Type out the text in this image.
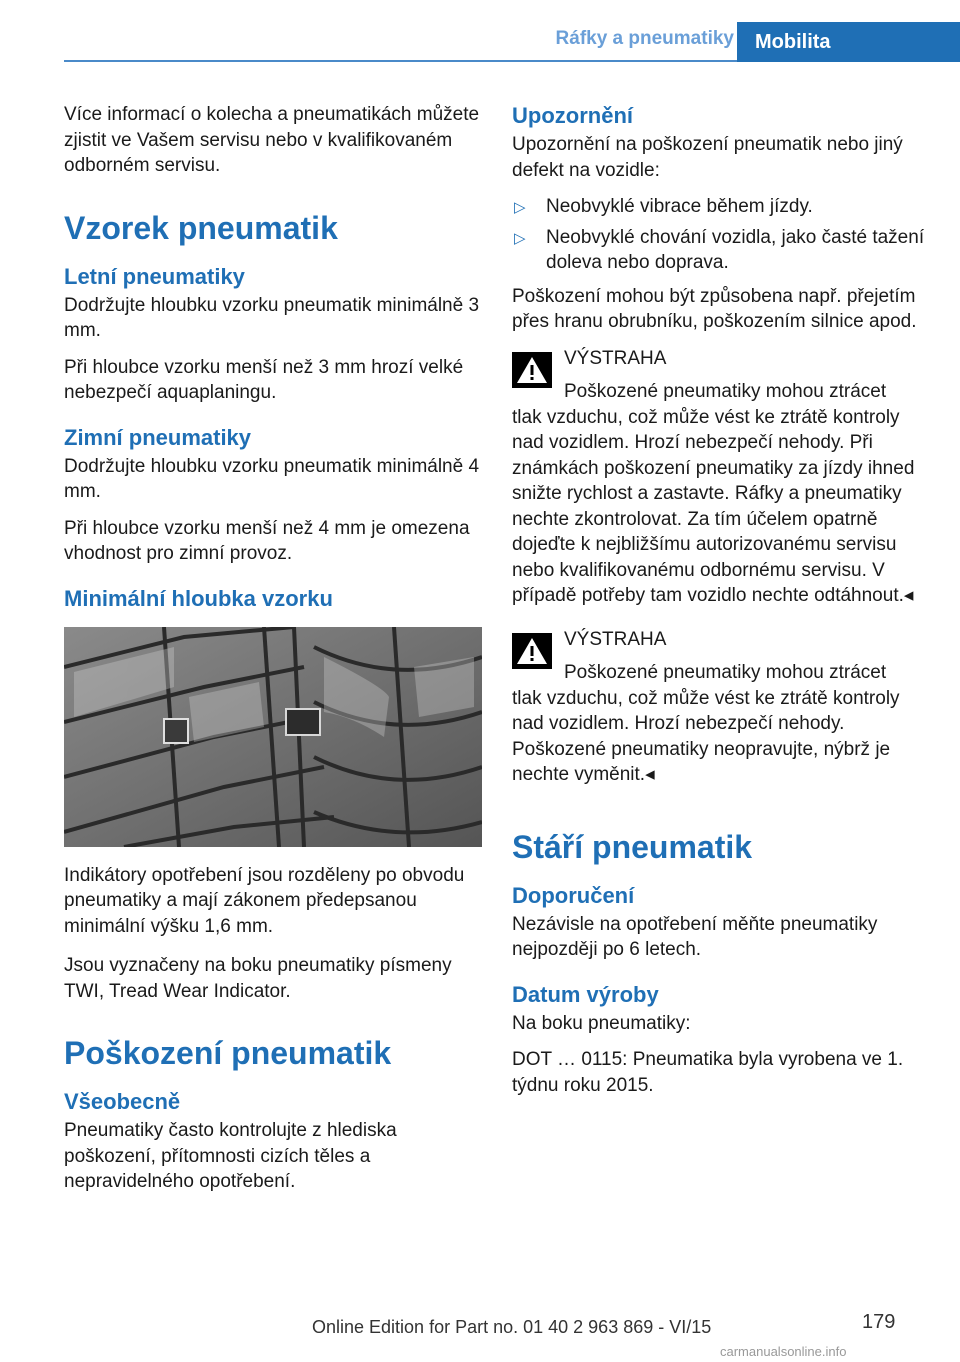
Ráfky a pneumatiky	Mobilita

Více informací o kolecha a pneumatikách můžete zjistit ve Vašem servisu nebo v kvalifikovaném odborném servisu.

Vzorek pneumatik
Letní pneumatiky

Dodržujte hloubku vzorku pneumatik minimálně 3 mm.

Při hloubce vzorku menší než 3 mm hrozí velké nebezpečí aquaplaningu.

Zimní pneumatiky

Dodržujte hloubku vzorku pneumatik minimálně 4 mm.

Při hloubce vzorku menší než 4 mm je omezena vhodnost pro zimní provoz.

Minimální hloubka vzorku

Indikátory opotřebení jsou rozděleny po obvodu pneumatiky a mají zákonem předepsanou minimální výšku 1,6 mm.

Jsou vyznačeny na boku pneumatiky písmeny TWI, Tread Wear Indicator.

Poškození pneumatik
Všeobecně

Pneumatiky často kontrolujte z hlediska poškození, přítomnosti cizích těles a nepravidelného opotřebení.

Upozornění

Upozornění na poškození pneumatik nebo jiný defekt na vozidle:

▷ Neobvyklé vibrace během jízdy.
▷ Neobvyklé chování vozidla, jako časté tažení doleva nebo doprava.

Poškození mohou být způsobena např. přejetím přes hranu obrubníku, poškozením silnice apod.

VÝSTRAHA
Poškozené pneumatiky mohou ztrácet
tlak vzduchu, což může vést ke ztrátě kontroly nad vozidlem. Hrozí nebezpečí nehody. Při známkách poškození pneumatiky za jízdy ihned snižte rychlost a zastavte. Ráfky a pneumatiky nechte zkontrolovat. Za tím účelem opatrně dojeďte k nejbližšímu autorizovanému servisu nebo kvalifikovanému odbornému servisu. V případě potřeby tam vozidlo nechte odtáhnout.◂
VÝSTRAHA
Poškozené pneumatiky mohou ztrácet
tlak vzduchu, což může vést ke ztrátě kontroly nad vozidlem. Hrozí nebezpečí nehody. Poškozené pneumatiky neopravujte, nýbrž je nechte vyměnit.◂
Stáří pneumatik
Doporučení

Nezávisle na opotřebení měňte pneumatiky nejpozději po 6 letech.

Datum výroby

Na boku pneumatiky:

DOT … 0115: Pneumatika byla vyrobena ve 1. týdnu roku 2015.

Online Edition for Part no. 01 40 2 963 869 - VI/15	179
carmanualsonline.info
